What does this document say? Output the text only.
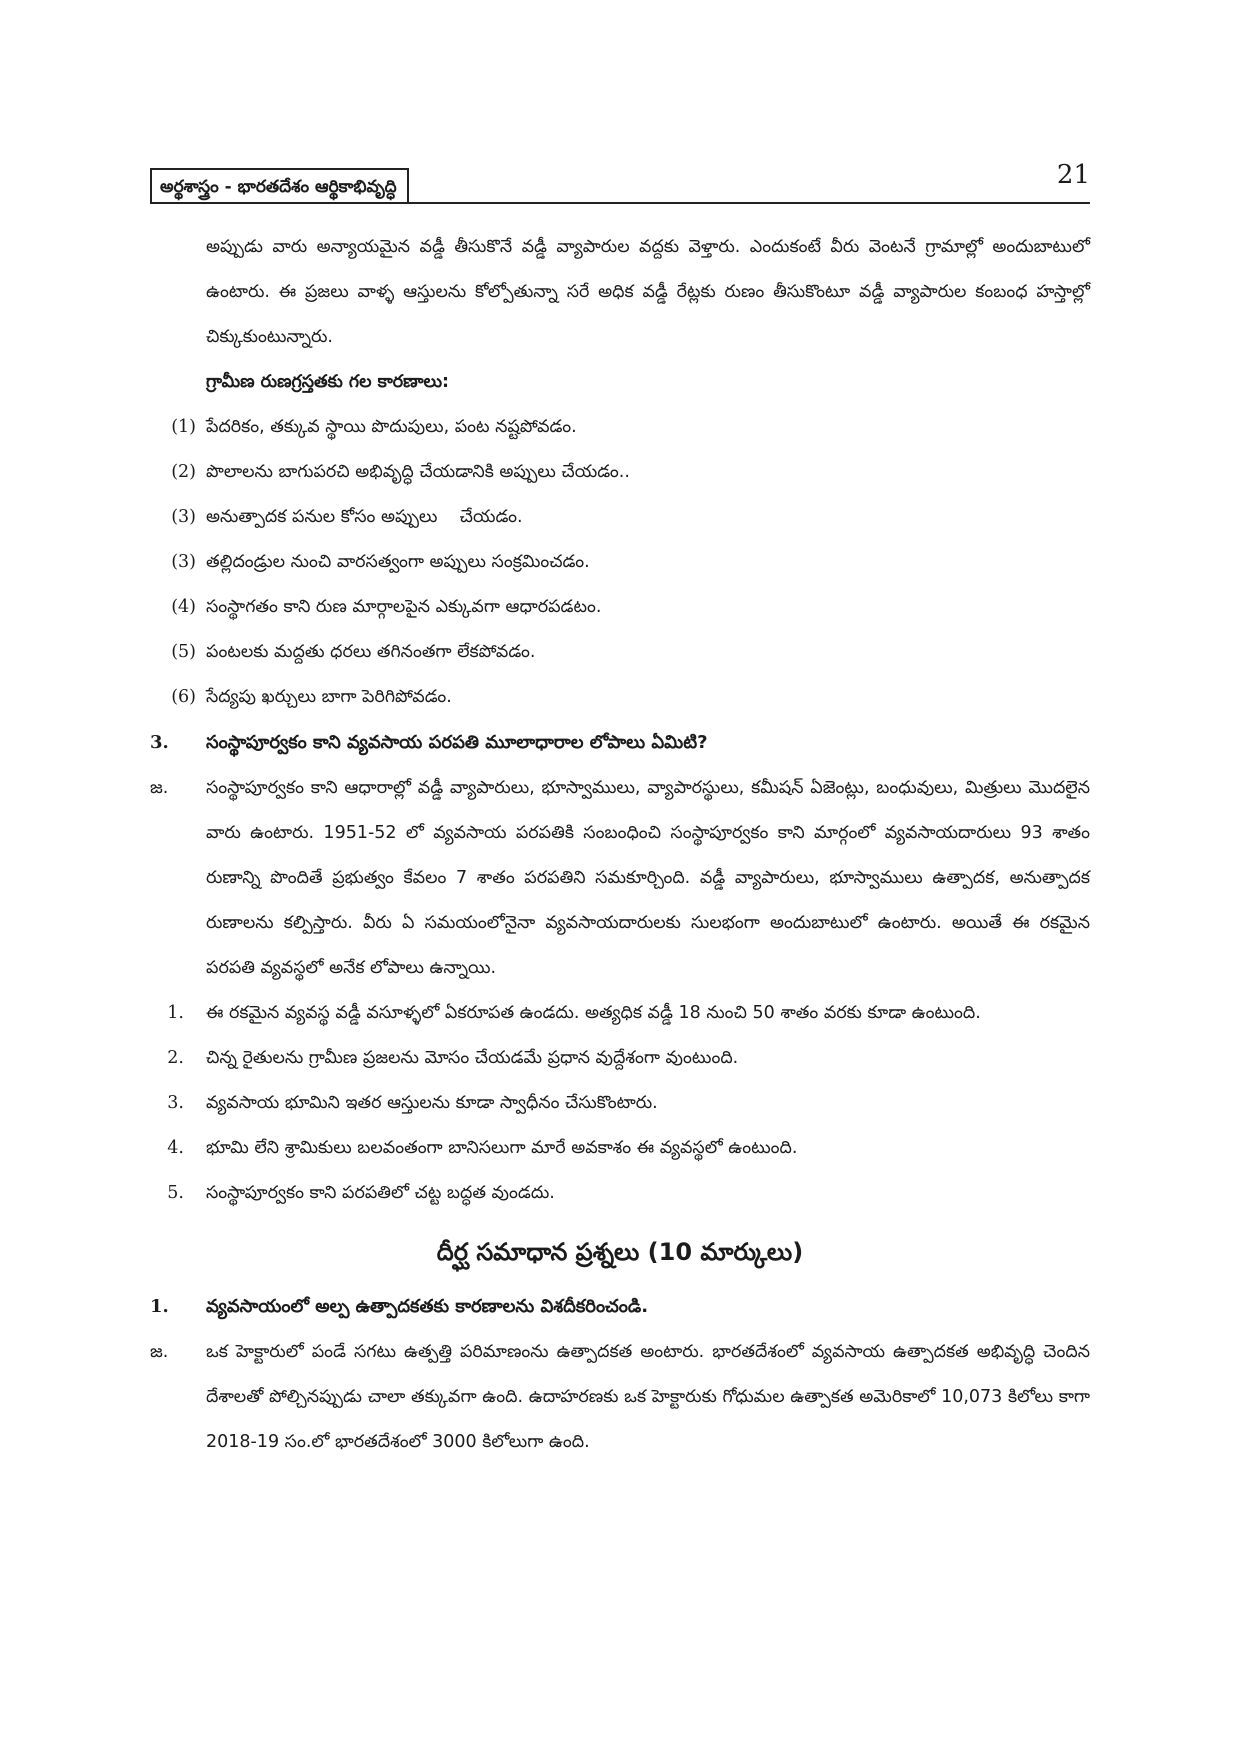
అర్థశాస్త్రం - భారతదేశం ఆర్థికాభివృద్ధి	21

అప్పుడు వారు అన్యాయమైన వడ్డీ తీసుకొనే వడ్డీ వ్యాపారుల వద్దకు వెళ్తారు. ఎందుకంటే వీరు వెంటనే గ్రామాల్లో అందుబాటులో ఉంటారు. ఈ ప్రజలు వాళ్ళ ఆస్తులను కోల్పోతున్నా సరే అధిక వడ్డీ రేట్లకు రుణం తీసుకొంటూ వడ్డీ వ్యాపారుల కంబంధ హస్తాల్లో చిక్కుకుంటున్నారు.

గ్రామీణ రుణగ్రస్తతకు గల కారణాలు:
(1) పేదరికం, తక్కువ స్థాయి పొదుపులు, పంట నష్టపోవడం.
(2) పొలాలను బాగుపరచి అభివృద్ధి చేయడానికి అప్పులు చేయడం..
(3) అనుత్పాదక పనుల కోసం అప్పులు    చేయడం.
(3) తల్లిదండ్రుల నుంచి వారసత్వంగా అప్పులు సంక్రమించడం.
(4) సంస్థాగతం కాని రుణ మార్గాలపైన ఎక్కువగా ఆధారపడటం.
(5) పంటలకు మద్దతు ధరలు తగినంతగా లేకపోవడం.
(6) సేద్యపు ఖర్చులు బాగా పెరిగిపోవడం.
3.	సంస్థాపూర్వకం కాని వ్యవసాయ పరపతి మూలాధారాల లోపాలు ఏమిటి?
జ.	సంస్థాపూర్వకం కాని ఆధారాల్లో వడ్డీ వ్యాపారులు, భూస్వాములు, వ్యాపారస్థులు, కమీషన్ ఏజెంట్లు, బంధువులు, మిత్రులు మొదలైన వారు ఉంటారు. 1951-52 లో వ్యవసాయ పరపతికి సంబంధించి సంస్థాపూర్వకం కాని మార్గంలో వ్యవసాయదారులు 93 శాతం రుణాన్ని పొందితే ప్రభుత్వం కేవలం 7 శాతం పరపతిని సమకూర్చింది. వడ్డీ వ్యాపారులు, భూస్వాములు ఉత్పాదక, అనుత్పాదక రుణాలను కల్పిస్తారు. వీరు ఏ సమయంలోనైనా వ్యవసాయదారులకు సులభంగా అందుబాటులో ఉంటారు. అయితే ఈ రకమైన పరపతి వ్యవస్థలో అనేక లోపాలు ఉన్నాయి.
1.	ఈ రకమైన వ్యవస్థ వడ్డీ వసూళ్ళలో ఏకరూపత ఉండదు. అత్యధిక వడ్డీ 18 నుంచి 50 శాతం వరకు కూడా ఉంటుంది.
2.	చిన్న రైతులను గ్రామీణ ప్రజలను మోసం చేయడమే ప్రధాన వుద్దేశంగా వుంటుంది.
3.	వ్యవసాయ భూమిని ఇతర ఆస్తులను కూడా స్వాధీనం చేసుకొంటారు.
4.	భూమి లేని శ్రామికులు బలవంతంగా బానిసలుగా మారే అవకాశం ఈ వ్యవస్థలో ఉంటుంది.
5.	సంస్థాపూర్వకం కాని పరపతిలో చట్ట బద్ధత వుండదు.
దీర్ఘ సమాధాన ప్రశ్నలు (10 మార్కులు)
1.	వ్యవసాయంలో అల్ప ఉత్పాదకతకు కారణాలను విశదీకరించండి.
జ.	ఒక హెక్టారులో పండే సగటు ఉత్పత్తి పరిమాణంను ఉత్పాదకత అంటారు. భారతదేశంలో వ్యవసాయ ఉత్పాదకత అభివృద్ధి చెందిన దేశాలతో పోల్చినప్పుడు చాలా తక్కువగా ఉంది. ఉదాహరణకు ఒక హెక్టారుకు గోధుమల ఉత్పాకత అమెరికాలో 10,073 కిలోలు కాగా 2018-19 సం.లో భారతదేశంలో 3000 కిలోలుగా ఉంది.
